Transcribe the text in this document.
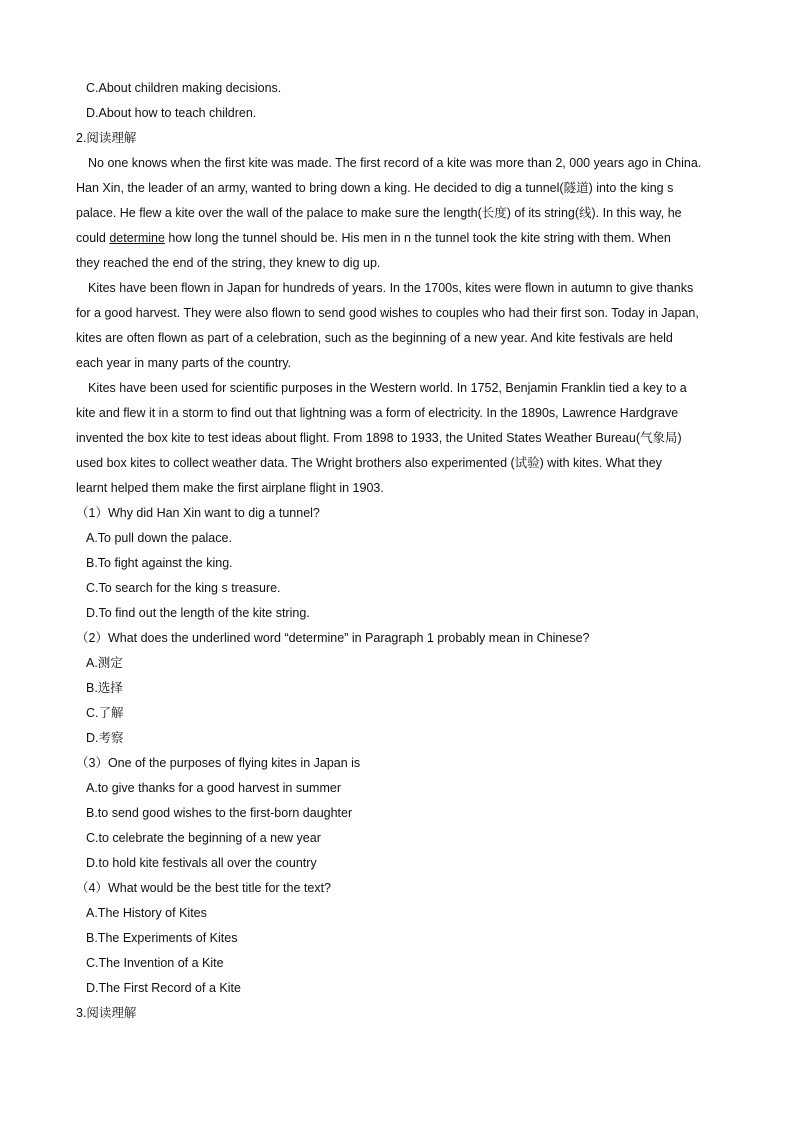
C.About children making decisions.
D.About how to teach children.
2.阅读理解
No one knows when the first kite was made. The first record of a kite was more than 2, 000 years ago in China.
Han Xin, the leader of an army, wanted to bring down a king. He decided to dig a tunnel(隧道) into the king s
palace. He flew a kite over the wall of the palace to make sure the length(长度) of its string(线). In this way, he
could determine how long the tunnel should be. His men in n the tunnel took the kite string with them. When
they reached the end of the string, they knew to dig up.
Kites have been flown in Japan for hundreds of years. In the 1700s, kites were flown in autumn to give thanks
for a good harvest. They were also flown to send good wishes to couples who had their first son. Today in Japan,
kites are often flown as part of a celebration, such as the beginning of a new year. And kite festivals are held
each year in many parts of the country.
Kites have been used for scientific purposes in the Western world. In 1752, Benjamin Franklin tied a key to a
kite and flew it in a storm to find out that lightning was a form of electricity. In the 1890s, Lawrence Hardgrave
invented the box kite to test ideas about flight. From 1898 to 1933, the United States Weather Bureau(气象局)
used box kites to collect weather data. The Wright brothers also experimented (试验) with kites. What they
learnt helped them make the first airplane flight in 1903.
（1）Why did Han Xin want to dig a tunnel?
A.To pull down the palace.
B.To fight against the king.
C.To search for the king s treasure.
D.To find out the length of the kite string.
（2）What does the underlined word “determine” in Paragraph 1 probably mean in Chinese?
A.测定
B.选择
C.了解
D.考察
（3）One of the purposes of flying kites in Japan is
A.to give thanks for a good harvest in summer
B.to send good wishes to the first-born daughter
C.to celebrate the beginning of a new year
D.to hold kite festivals all over the country
（4）What would be the best title for the text?
A.The History of Kites
B.The Experiments of Kites
C.The Invention of a Kite
D.The First Record of a Kite
3.阅读理解
